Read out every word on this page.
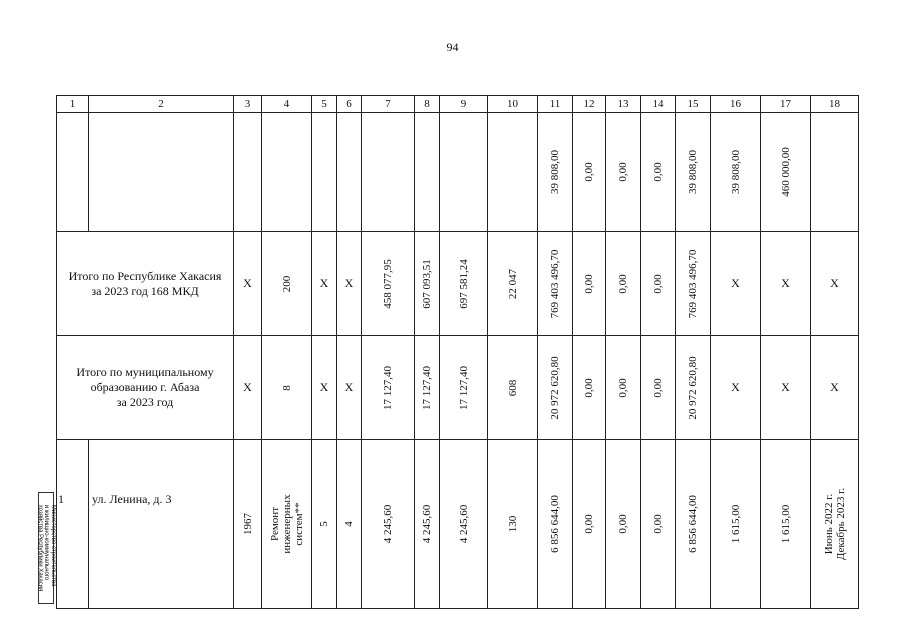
94
1	2	3	4	5	6	7	8	9	10	11	12	13	14	15	16	17	18

										39 808,00	0,00	0,00	0,00	39 808,00	39 808,00	460 000,00	

Итого по Республике Хакасия
за 2023 год 168 МКД		X	200	X	X	458 077,95	607 093,51	697 581,24	22 047	769 403 496,70	0,00	0,00	0,00	769 403 496,70	X	X	X
Итого по муниципальному
образованию г. Абаза
за 2023 год		X	8	X	X	17 127,40	17 127,40	17 127,40	608	20 972 620,80	0,00	0,00	0,00	20 972 620,80	X	X	X
1	ул. Ленина, д. 3	1967	Ремонт
инженерных
систем**	5	4	4 245,60	4 245,60	4 245,60	130	6 856 644,00	0,00	0,00	0,00	6 856 644,00	1 615,00	1 615,00	Июнь 2022 г.
Декабрь 2023 г.
Министерство строительства
и жилищно-коммунального
хозяйства Республики Хакасия
